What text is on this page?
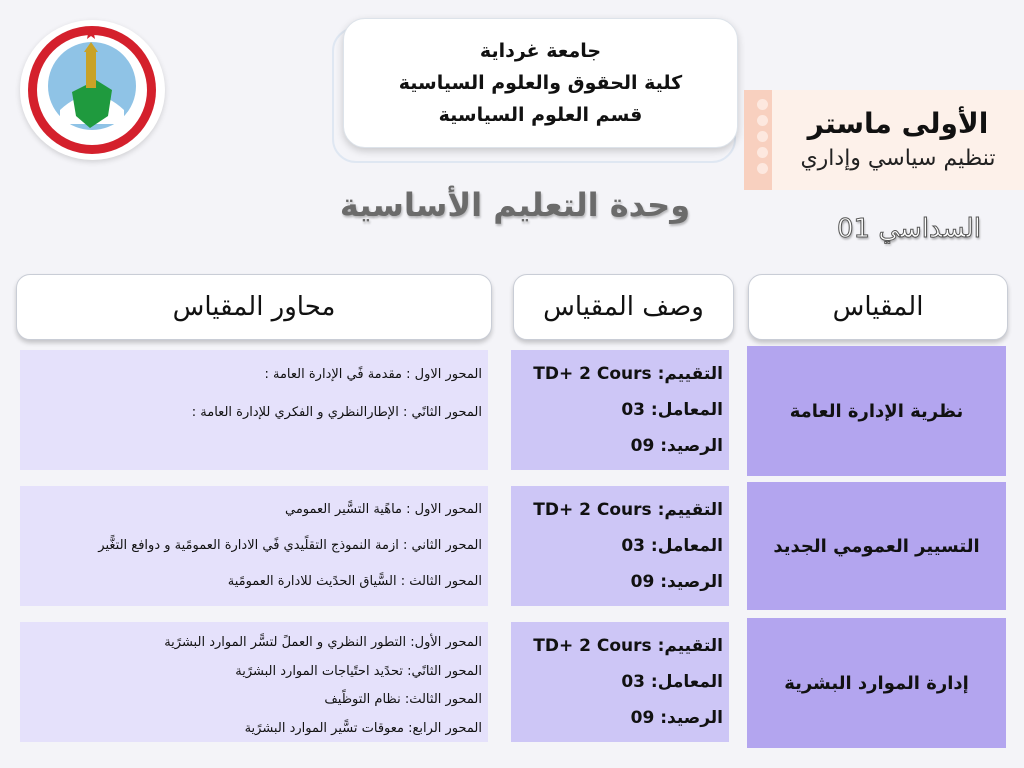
جامعة غرداية
كلية الحقوق والعلوم السياسية
قسم العلوم السياسية	الأولى ماستر
تنظيم سياسي وإداري
وحدة التعليم الأساسية
السداسي 01
المقياس
وصف المقياس
محاور المقياس
نظرية الإدارة العامة
التقييم: TD+ 2 Cours
المعامل: 03
الرصيد: 09
المحور الاول : مقدمة فًي الإدارة العامة :
المحور الثانًي : الإطارالنظري و الفكري للإدارة العامة :
التسيير العمومي الجديد
التقييم: TD+ 2 Cours
المعامل: 03
الرصيد: 09
المحور الاول : ماهًية التسًّير العمومي
المحور الثاني : ازمة النموذج التقلًيدي فًي الادارة العمومًية و دوافع التغًّير
المحور الثالث : السًّياق الحدًيث للادارة العمومًية
إدارة الموارد البشرية
التقييم: TD+ 2 Cours
المعامل: 03
الرصيد: 09
المحور الأول: التطور النظري و العملً لتسًّر الموارد البشرًية
المحور الثانًي: تحدًيد احتًياجات الموارد البشرًية
المحور الثالث: نظام التوظًيف
المحور الرابع: معوقات تسًّير الموارد البشرًية
